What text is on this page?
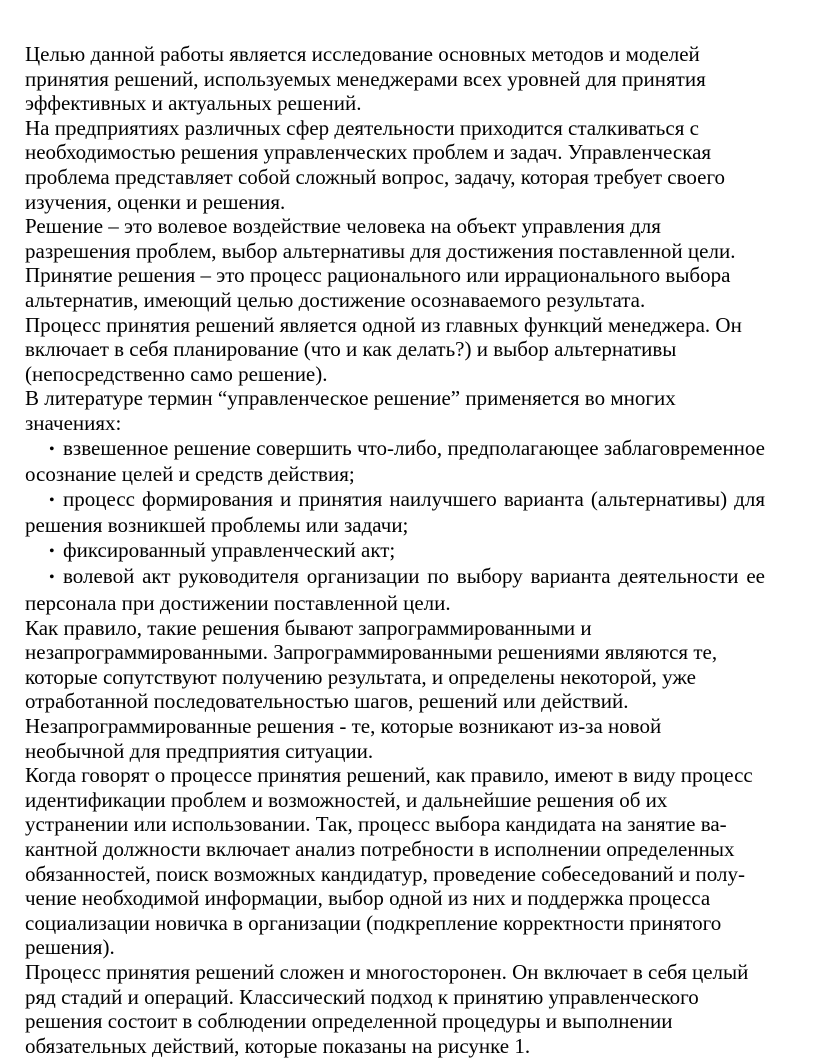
Целью данной работы является исследование основных методов и моделей принятия решений, используемых менеджерами всех уровней для принятия эффективных и актуальных решений.

На предприятиях различных сфер деятельности приходится сталкиваться с необходимостью решения управленческих проблем и задач. Управленческая проблема представляет собой сложный вопрос, задачу, которая требует своего изучения, оценки и решения.

Решение – это волевое воздействие человека на объект управления для разрешения проблем, выбор альтернативы для достижения поставленной цели.

Принятие решения – это процесс рационального или иррационального выбора альтернатив, имеющий целью достижение осознаваемого результата.

Процесс принятия решений является одной из главных функций менеджера. Он включает в себя планирование (что и как делать?) и выбор альтернативы (непосредственно само решение).

В литературе термин “управленческое решение” применяется во многих значениях:

• взвешенное решение совершить что-либо, предполагающее заблаговременное осознание целей и средств действия;

• процесс формирования и принятия наилучшего варианта (альтернативы) для решения возникшей проблемы или задачи;

• фиксированный управленческий акт;

• волевой акт руководителя организации по выбору варианта деятельности ее персонала при достижении поставленной цели.

Как правило, такие решения бывают запрограммированными и незапрограммированными. Запрограммированными решениями являются те, которые сопутствуют получению результата, и определены некоторой, уже отработанной последовательностью шагов, решений или действий.

Незапрограммированные решения - те, которые возникают из-за новой необычной для предприятия ситуации.

Когда говорят о процессе принятия решений, как правило, имеют в виду процесс идентификации проблем и возможностей, и дальнейшие решения об их устранении или использовании. Так, процесс выбора кандидата на занятие ва-кантной должности включает анализ потребности в исполнении определенных обязанностей, поиск возможных кандидатур, проведение собеседований и полу-чение необходимой информации, выбор одной из них и поддержка процесса социализации новичка в организации (подкрепление корректности принятого решения).

Процесс принятия решений сложен и многосторонен. Он включает в себя целый ряд стадий и операций. Классический подход к принятию управленческого решения состоит в соблюдении определенной процедуры и выполнении обязательных действий, которые показаны на рисунке 1.
